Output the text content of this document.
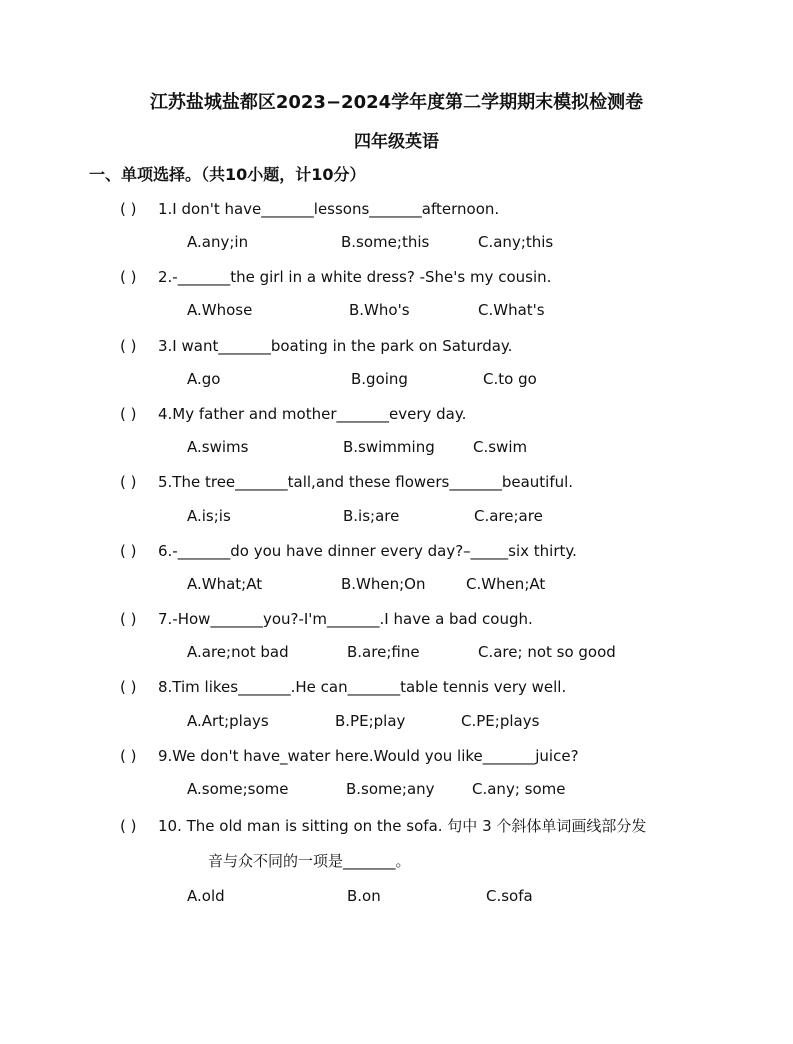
江苏盐城盐都区2023−2024学年度第二学期期末模拟检测卷
四年级英语
一、单项选择。（共10小题，计10分）
( ) 1.I don't have_______lessons_______afternoon.
A.any;in	B.some;this	C.any;this
( ) 2.-_______the girl in a white dress? -She's my cousin.
A.Whose	B.Who's	C.What's
( ) 3.I want_______boating in the park on Saturday.
A.go	B.going	C.to go
( ) 4.My father and mother_______every day.
A.swims	B.swimming	C.swim
( ) 5.The tree_______tall,and these flowers_______beautiful.
A.is;is	B.is;are	C.are;are
( ) 6.-_______do you have dinner every day?–_____six thirty.
A.What;At	B.When;On	C.When;At
( ) 7.-How_______you?-I'm_______.I have a bad cough.
A.are;not bad	B.are;fine	C.are; not so good
( ) 8.Tim likes_______.He can_______table tennis very well.
A.Art;plays	B.PE;play	C.PE;plays
( ) 9.We don't have_water here.Would you like_______juice?
A.some;some	B.some;any C.any; some
( ) 10. The old man is sitting on the sofa. 句中 3 个斜体单词画线部分发
音与众不同的一项是_______。
A.old	B.on	C.sofa
